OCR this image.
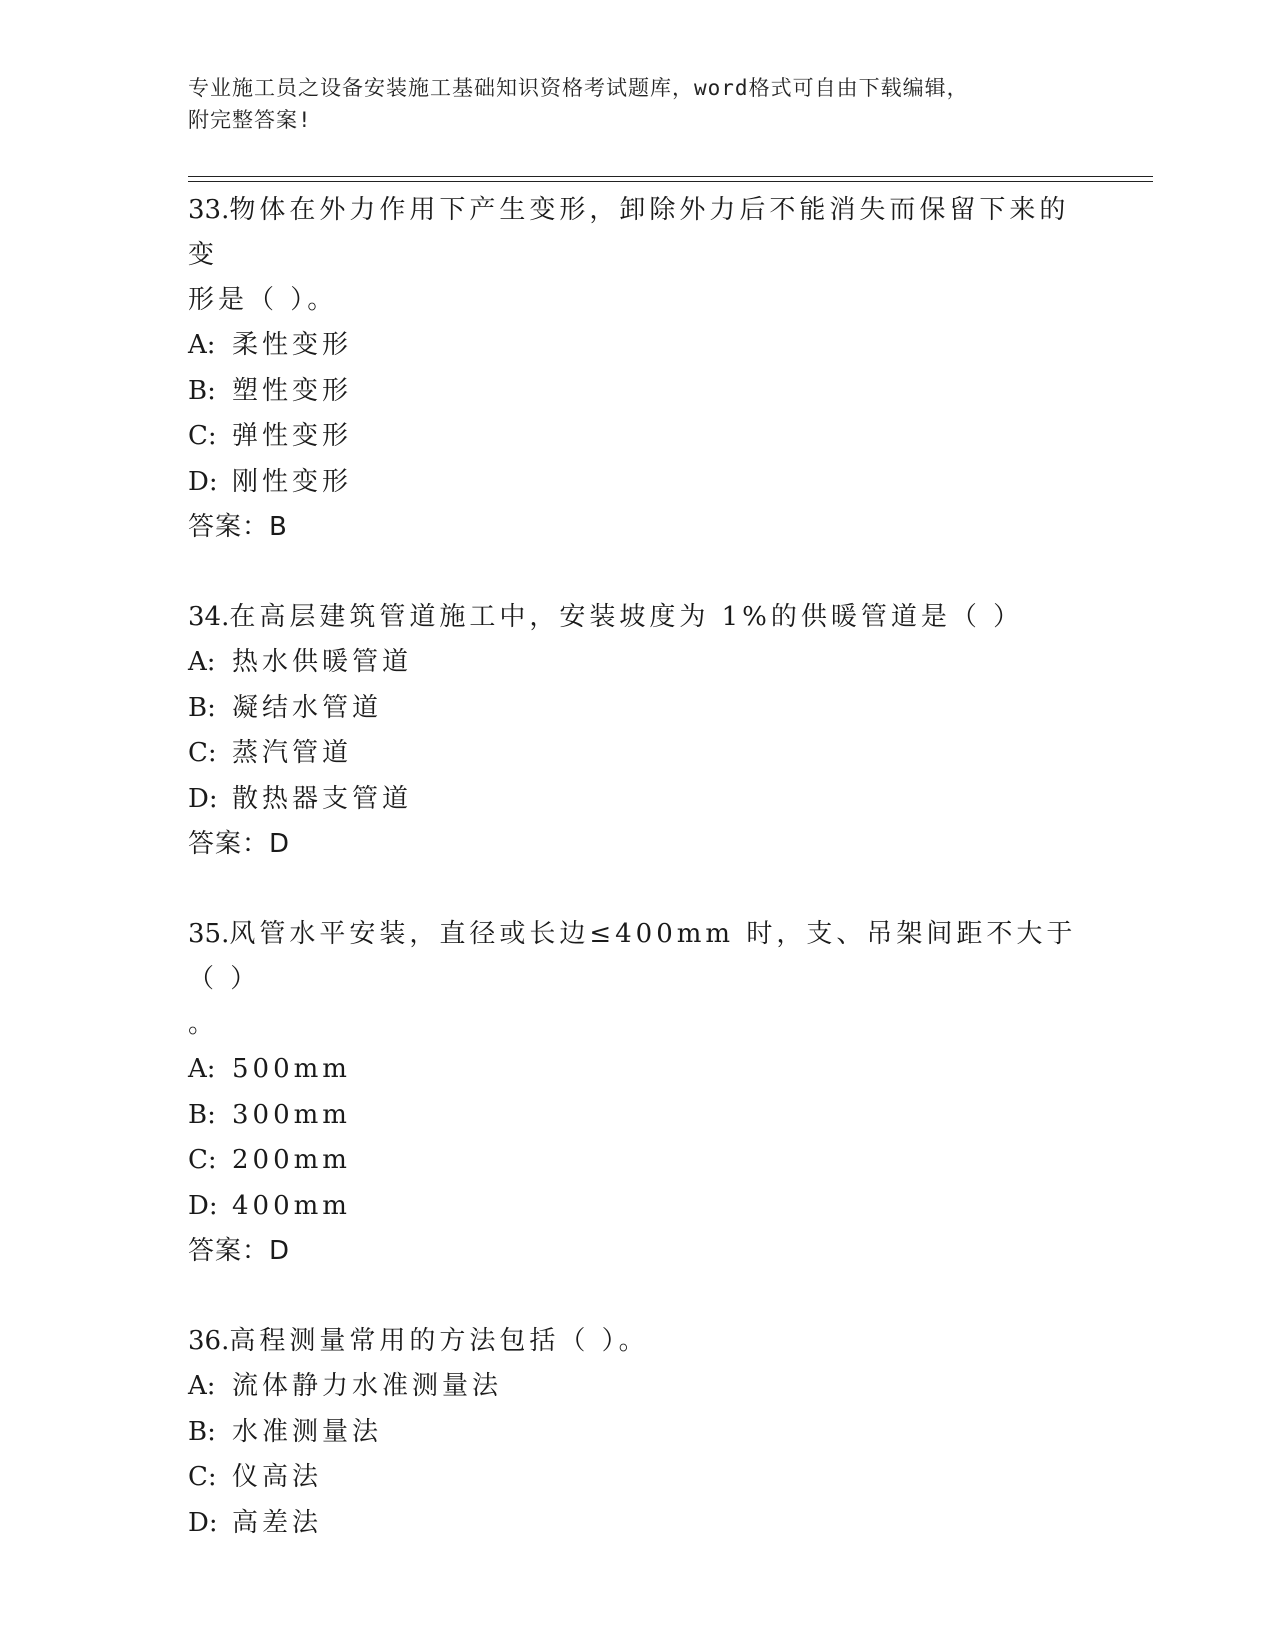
专业施工员之设备安装施工基础知识资格考试题库，word格式可自由下载编辑，
附完整答案!

33.物体在外力作用下产生变形，卸除外力后不能消失而保留下来的变

形是（ ）。

A: 柔性变形

B: 塑性变形

C: 弹性变形

D: 刚性变形

答案：B

34.在高层建筑管道施工中，安装坡度为 1%的供暖管道是（ ）

A: 热水供暖管道

B: 凝结水管道

C: 蒸汽管道

D: 散热器支管道

答案：D

35.风管水平安装，直径或长边≤400mm 时，支、吊架间距不大于（ ）

。

A: 500mm

B: 300mm

C: 200mm

D: 400mm

答案：D

36.高程测量常用的方法包括（ ）。

A: 流体静力水准测量法

B: 水准测量法

C: 仪高法

D: 高差法
